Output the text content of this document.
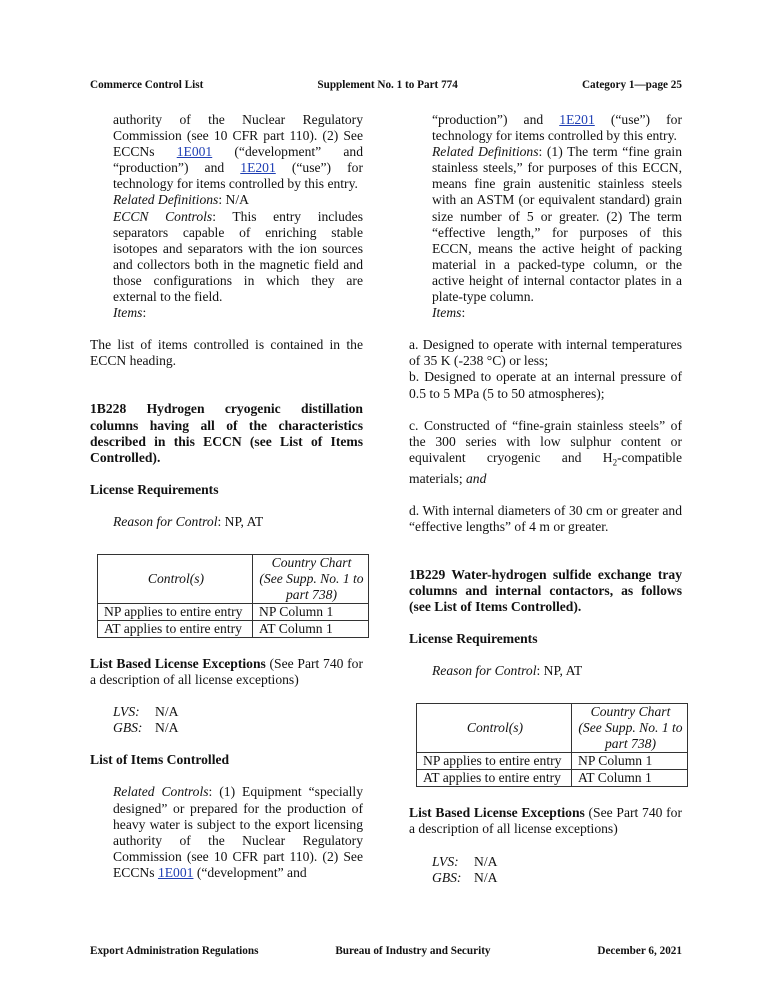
Commerce Control List	Supplement No. 1 to Part 774	Category 1—page 25

authority of the Nuclear Regulatory Commission (see 10 CFR part 110). (2) See ECCNs 1E001 (“development” and “production”) and 1E201 (“use”) for technology for items controlled by this entry.

Related Definitions: N/A

ECCN Controls: This entry includes separators capable of enriching stable isotopes and separators with the ion sources and collectors both in the magnetic field and those configurations in which they are external to the field.

Items:

The list of items controlled is contained in the ECCN heading.

1B228 Hydrogen cryogenic distillation columns having all of the characteristics described in this ECCN (see List of Items Controlled).

License Requirements

Reason for Control: NP, AT

Control(s)	Country Chart (See Supp. No. 1 to part 738)
NP applies to entire entry	NP Column 1
AT applies to entire entry	AT Column 1

List Based License Exceptions (See Part 740 for a description of all license exceptions)

LVS:	N/A
GBS: N/A

List of Items Controlled

Related Controls: (1) Equipment “specially designed” or prepared for the production of heavy water is subject to the export licensing authority of the Nuclear Regulatory Commission (see 10 CFR part 110). (2) See ECCNs 1E001 (“development” and

“production”) and 1E201 (“use”) for technology for items controlled by this entry.

Related Definitions: (1) The term “fine grain stainless steels,” for purposes of this ECCN, means fine grain austenitic stainless steels with an ASTM (or equivalent standard) grain size number of 5 or greater. (2) The term “effective length,” for purposes of this ECCN, means the active height of packing material in a packed-type column, or the active height of internal contactor plates in a plate-type column.

Items:

a. Designed to operate with internal temperatures of 35 K (-238 °C) or less;

b. Designed to operate at an internal pressure of 0.5 to 5 MPa (5 to 50 atmospheres);

c. Constructed of “fine-grain stainless steels” of the 300 series with low sulphur content or equivalent cryogenic and $H_2$-compatible materials; and

d. With internal diameters of 30 cm or greater and “effective lengths” of 4 m or greater.

1B229 Water-hydrogen sulfide exchange tray columns and internal contactors, as follows (see List of Items Controlled).

License Requirements

Reason for Control: NP, AT

Control(s)	Country Chart (See Supp. No. 1 to part 738)
NP applies to entire entry	NP Column 1
AT applies to entire entry	AT Column 1

List Based License Exceptions (See Part 740 for a description of all license exceptions)

LVS:	N/A
GBS: N/A
Export Administration Regulations	Bureau of Industry and Security	December 6, 2021
